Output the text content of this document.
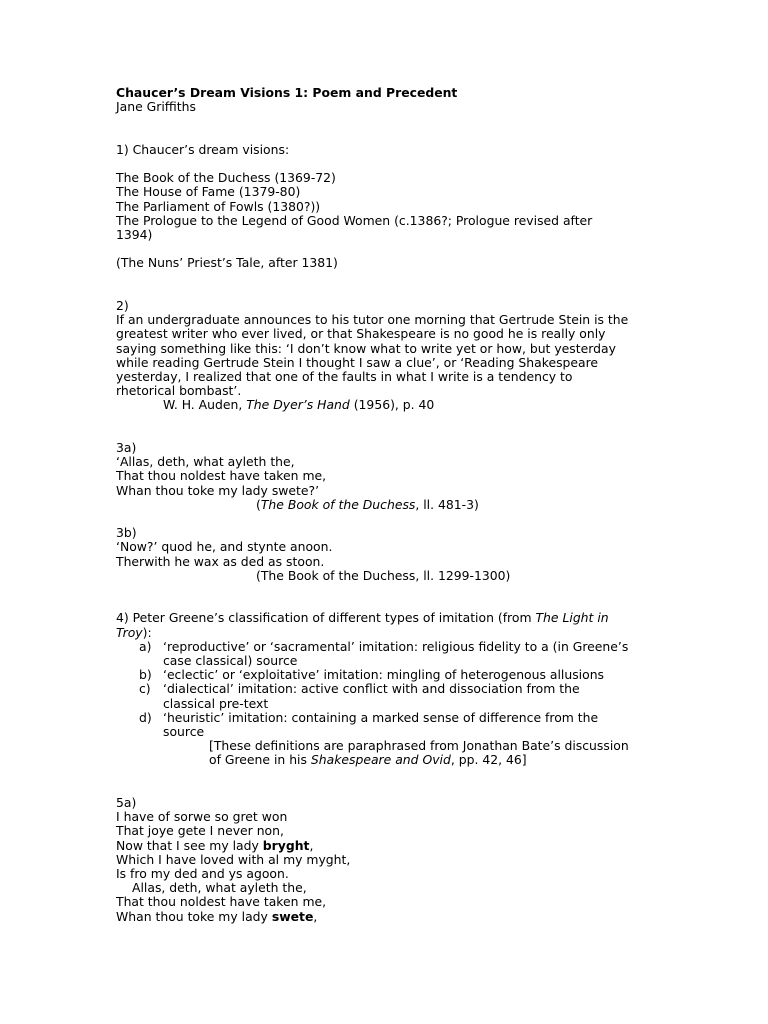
Chaucer’s Dream Visions 1: Poem and Precedent
Jane Griffiths
1) Chaucer’s dream visions:
The Book of the Duchess (1369-72)
The House of Fame (1379-80)
The Parliament of Fowls (1380?))
The Prologue to the Legend of Good Women (c.1386?; Prologue revised after
1394)
(The Nuns’ Priest’s Tale, after 1381)
2)
If an undergraduate announces to his tutor one morning that Gertrude Stein is the
greatest writer who ever lived, or that Shakespeare is no good he is really only
saying something like this: ‘I don’t know what to write yet or how, but yesterday
while reading Gertrude Stein I thought I saw a clue’, or ‘Reading Shakespeare
yesterday, I realized that one of the faults in what I write is a tendency to
rhetorical bombast’.
W. H. Auden, The Dyer’s Hand (1956), p. 40
3a)
‘Allas, deth, what ayleth the,
That thou noldest have taken me,
Whan thou toke my lady swete?’
(The Book of the Duchess, ll. 481-3)
3b)
‘Now?’ quod he, and stynte anoon.
Therwith he wax as ded as stoon.
(The Book of the Duchess, ll. 1299-1300)
4) Peter Greene’s classification of different types of imitation (from The Light in
Troy):
a) ‘reproductive’ or ‘sacramental’ imitation: religious fidelity to a (in Greene’s
case classical) source
b) ‘eclectic’ or ‘exploitative’ imitation: mingling of heterogenous allusions
c) ‘dialectical’ imitation: active conflict with and dissociation from the
classical pre-text
d) ‘heuristic’ imitation: containing a marked sense of difference from the
source
[These definitions are paraphrased from Jonathan Bate’s discussion
of Greene in his Shakespeare and Ovid, pp. 42, 46]
5a)
I have of sorwe so gret won
That joye gete I never non,
Now that I see my lady bryght,
Which I have loved with al my myght,
Is fro my ded and ys agoon.
Allas, deth, what ayleth the,
That thou noldest have taken me,
Whan thou toke my lady swete,
